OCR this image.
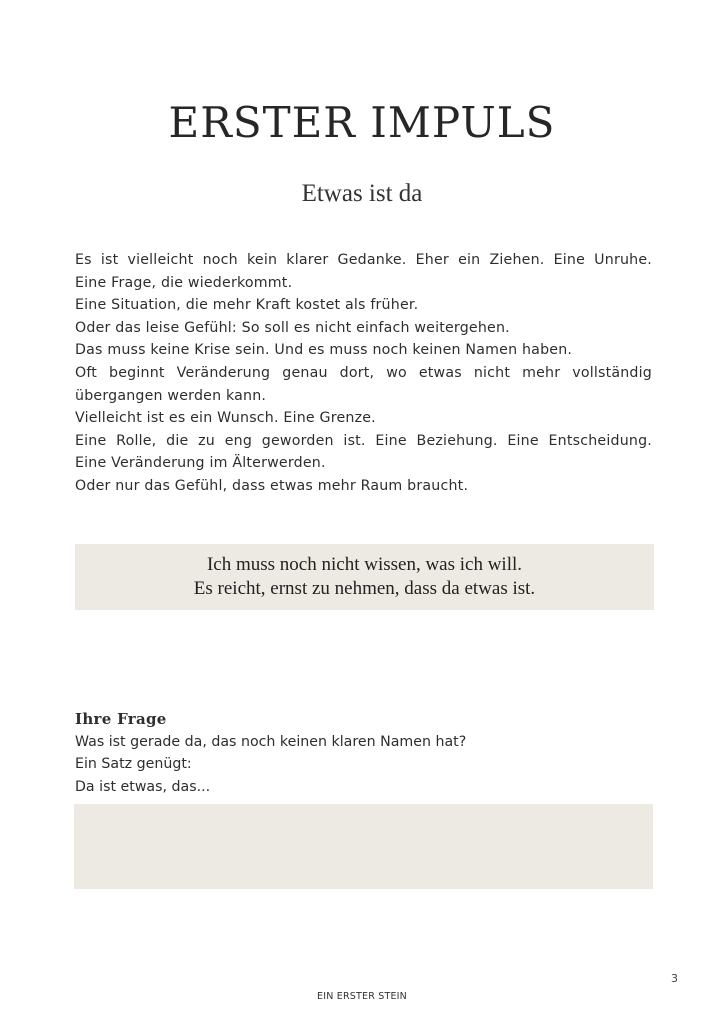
ERSTER IMPULS
Etwas ist da

Es ist vielleicht noch kein klarer Gedanke. Eher ein Ziehen. Eine Unruhe.

Eine Frage, die wiederkommt.

Eine Situation, die mehr Kraft kostet als früher.

Oder das leise Gefühl: So soll es nicht einfach weitergehen.

Das muss keine Krise sein. Und es muss noch keinen Namen haben.

Oft beginnt Veränderung genau dort, wo etwas nicht mehr vollständig

übergangen werden kann.

Vielleicht ist es ein Wunsch. Eine Grenze.

Eine Rolle, die zu eng geworden ist. Eine Beziehung. Eine Entscheidung.

Eine Veränderung im Älterwerden.

Oder nur das Gefühl, dass etwas mehr Raum braucht.

Ich muss noch nicht wissen, was ich will.

Es reicht, ernst zu nehmen, dass da etwas ist.

Ihre Frage

Was ist gerade da, das noch keinen klaren Namen hat?

Ein Satz genügt:

Da ist etwas, das...

3
EIN ERSTER STEIN
